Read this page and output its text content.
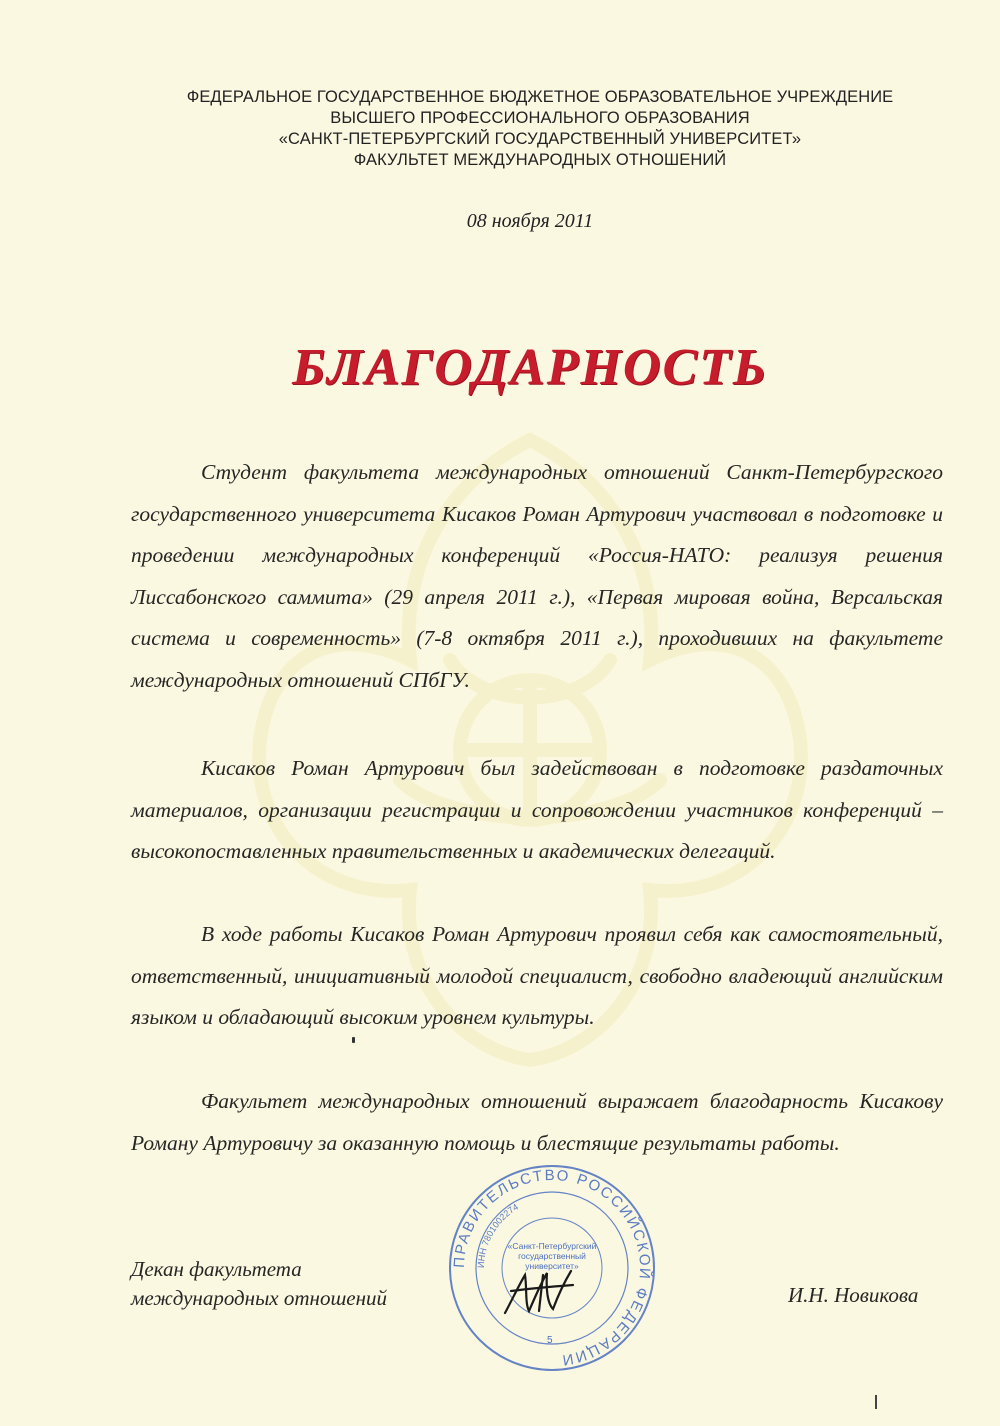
ФЕДЕРАЛЬНОЕ ГОСУДАРСТВЕННОЕ БЮДЖЕТНОЕ ОБРАЗОВАТЕЛЬНОЕ УЧРЕЖДЕНИЕ
ВЫСШЕГО ПРОФЕССИОНАЛЬНОГО ОБРАЗОВАНИЯ
«САНКТ-ПЕТЕРБУРГСКИЙ ГОСУДАРСТВЕННЫЙ УНИВЕРСИТЕТ»
ФАКУЛЬТЕТ МЕЖДУНАРОДНЫХ ОТНОШЕНИЙ
08 ноября 2011
БЛАГОДАРНОСТЬ

Студент факультета международных отношений Санкт-Петербургского государственного университета Кисаков Роман Артурович участвовал в подготовке и проведении международных конференций «Россия-НАТО: реализуя решения Лиссабонского саммита» (29 апреля 2011 г.), «Первая мировая война, Версальская система и современность» (7-8 октября 2011 г.), проходивших на факультете международных отношений СПбГУ.

Кисаков Роман Артурович был задействован в подготовке раздаточных материалов, организации регистрации и сопровождении участников конференций – высокопоставленных правительственных и академических делегаций.

В ходе работы Кисаков Роман Артурович проявил себя как самостоятельный, ответственный, инициативный молодой специалист, свободно владеющий английским языком и обладающий высоким уровнем культуры.

Факультет международных отношений выражает благодарность Кисакову Роману Артуровичу за оказанную помощь и блестящие результаты работы.

Декан факультета
международных отношений
ПРАВИТЕЛЬСТВО РОССИЙСКОЙ ФЕДЕРАЦИИ
ИНН 7801002274
«Санкт-Петербургский государственный университет»
5
И.Н. Новикова
